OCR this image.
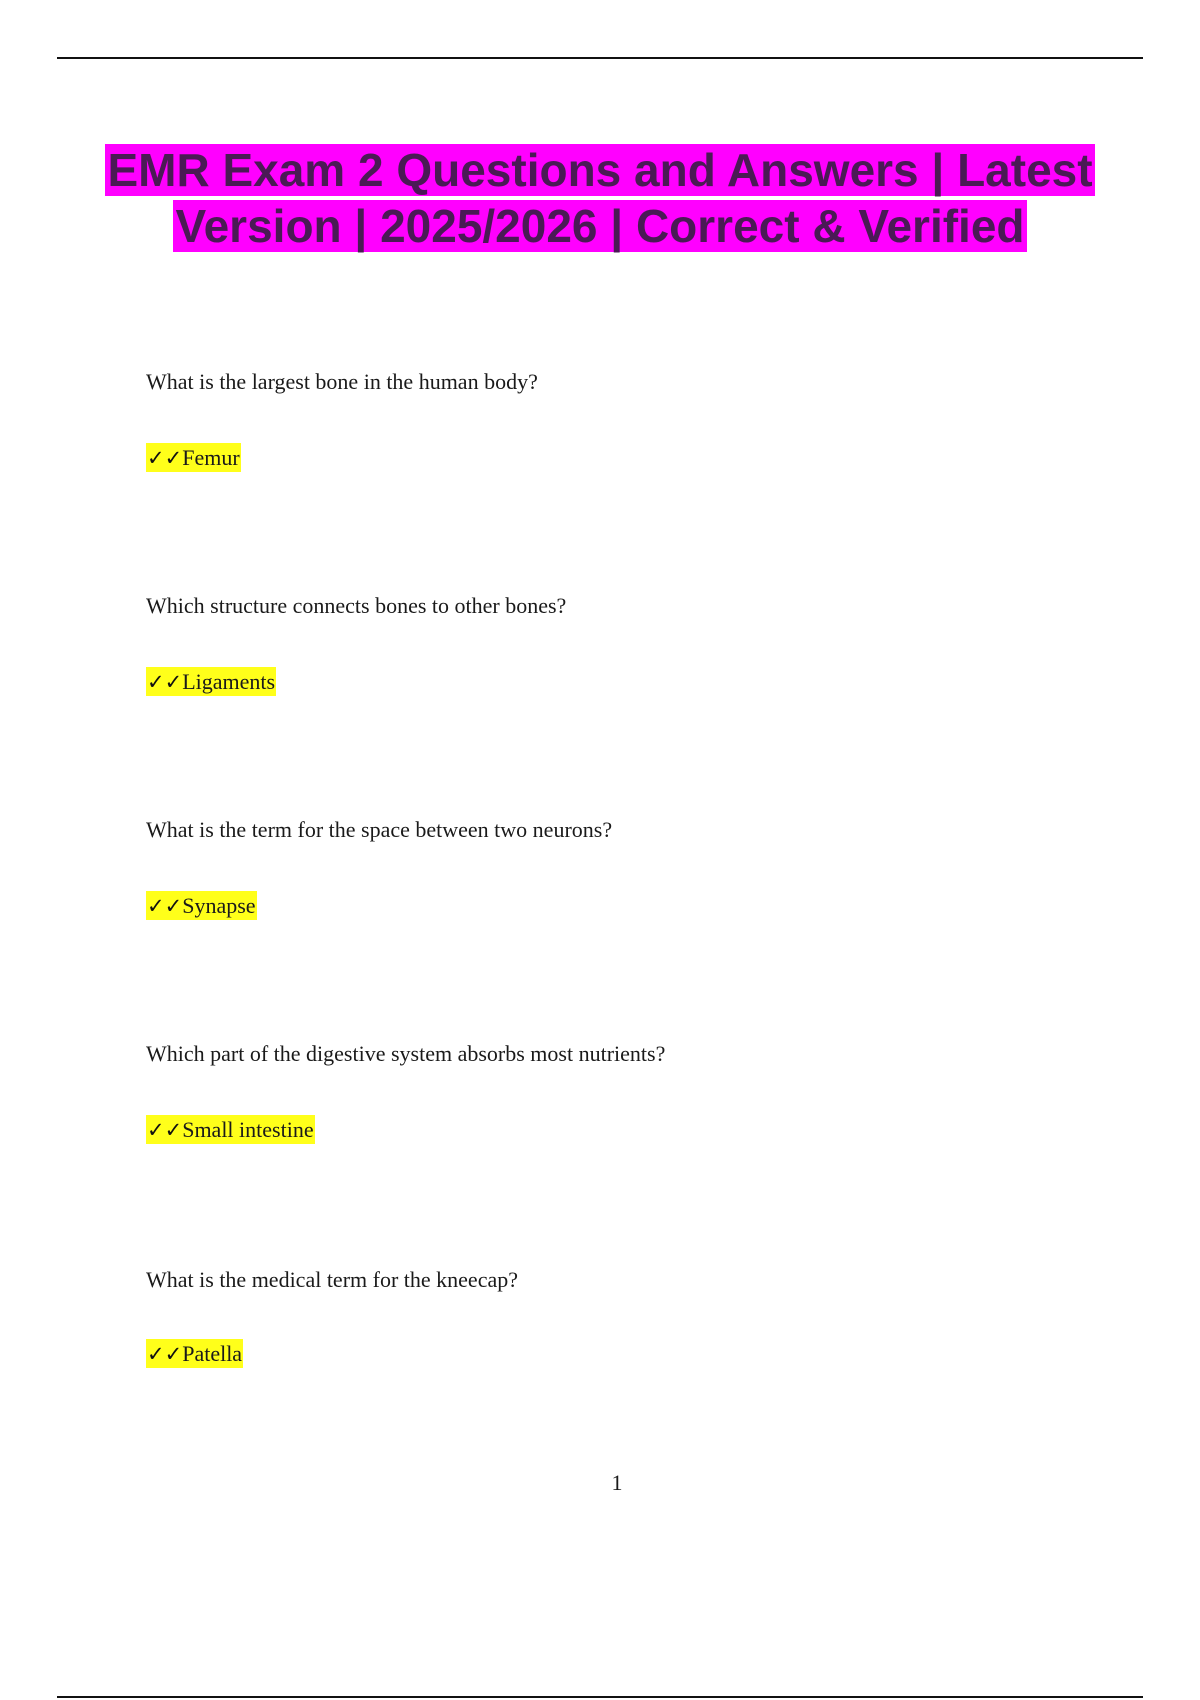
EMR Exam 2 Questions and Answers | Latest Version | 2025/2026 | Correct & Verified

What is the largest bone in the human body?

✓✓Femur

Which structure connects bones to other bones?

✓✓Ligaments

What is the term for the space between two neurons?

✓✓Synapse

Which part of the digestive system absorbs most nutrients?

✓✓Small intestine

What is the medical term for the kneecap?

✓✓Patella

1
